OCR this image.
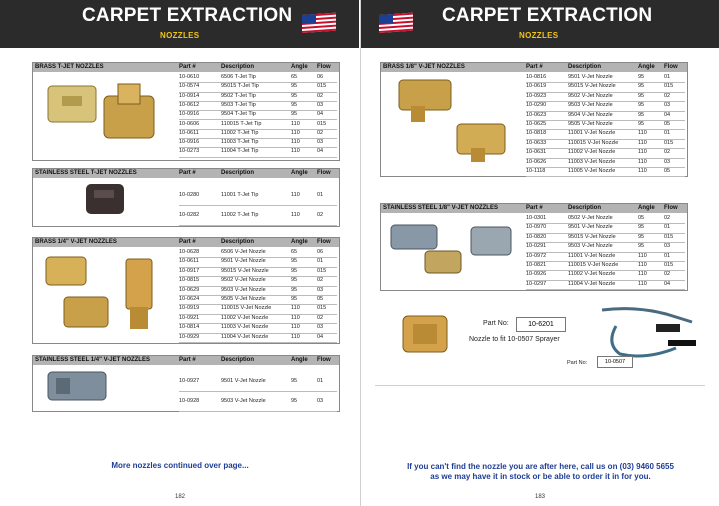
CARPET EXTRACTION
NOZZLES
BRASS T-JET NOZZLES	Part #	Description	Angle Flow
10-0610	6506 T-Jet Tip	65	06
10-0574	95015 T-Jet Tip	95	015
10-0914	9502 T-Jet Tip	95	02
10-0612	9503 T-Jet Tip	95	03
10-0916	9504 T-Jet Tip	95	04
10-0606	110015 T-Jet Tip	110	015
10-0611	11002 T-Jet Tip	110	02
10-0916	11003 T-Jet Tip	110	03
10-0273	11004 T-Jet Tip	110	04
STAINLESS STEEL T-JET NOZZLES	Part #	Description	Angle Flow
10-0280	11001 T-Jet Tip	110	01
10-0282	11002 T-Jet Tip	110	02
BRASS 1/4" V-JET NOZZLES	Part #	Description	Angle Flow
10-0628	6506 V-Jet Nozzle	65	06
10-0611	9501 V-Jet Nozzle	95	01
10-0917	95015 V-Jet Nozzle	95	015
10-0815	9502 V-Jet Nozzle	95	02
10-0629	9503 V-Jet Nozzle	95	03
10-0624	9505 V-Jet Nozzle	95	05
10-0919	110015 V-Jet Nozzle	110	015
10-0921	11002 V-Jet Nozzle	110	02
10-0814	11003 V-Jet Nozzle	110	03
10-0929	11004 V-Jet Nozzle	110	04
STAINLESS STEEL 1/4" V-JET NOZZLES	Part #	Description	Angle Flow
10-0927	9501 V-Jet Nozzle	95	01
10-0928	9503 V-Jet Nozzle	95	03
More nozzles continued over page...
182
CARPET EXTRACTION
NOZZLES
BRASS 1/8" V-JET NOZZLES	Part #	Description	Angle Flow
10-0816	9501 V-Jet Nozzle	95	01
10-0619	95015 V-Jet Nozzle	95	015
10-0923	9502 V-Jet Nozzle	95	02
10-0290	9503 V-Jet Nozzle	95	03
10-0623	9504 V-Jet Nozzle	95	04
10-0625	9505 V-Jet Nozzle	95	05
10-0818	11001 V-Jet Nozzle	110	01
10-0633	110015 V-Jet Nozzle	110	015
10-0631	11002 V-Jet Nozzle	110	02
10-0626	11003 V-Jet Nozzle	110	03
10-1118	11005 V-Jet Nozzle	110	05
STAINLESS STEEL 1/8" V-JET NOZZLES	Part #	Description	Angle Flow
10-0301	0502 V-Jet Nozzle	05	02
10-0970	9501 V-Jet Nozzle	95	01
10-0820	95015 V-Jet Nozzle	95	015
10-0291	9503 V-Jet Nozzle	95	03
10-0972	11001 V-Jet Nozzle	110	01
10-0821	110015 V-Jet Nozzle	110	015
10-0926	11002 V-Jet Nozzle	110	02
10-0297	11004 V-Jet Nozzle	110	04
Part No:	10-6201
Nozzle to fit 10-0507 Sprayer
Part No:	10-0507
If you can't find the nozzle you are after here, call us on (03) 9460 5655
as we may have it in stock or be able to order it in for you.
183
